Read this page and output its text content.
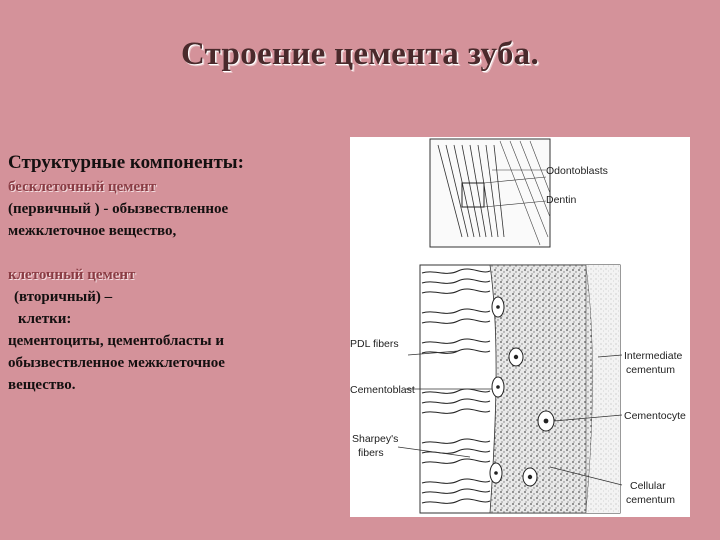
Строение цемента зуба.

Структурные компоненты:

бесклеточный цемент

(первичный ) - обызвествленное

межклеточное вещество,

клеточный цемент

(вторичный) –

клетки:

цементоциты, цементобласты и

обызвествленное межклеточное

вещество.

Odontoblasts
Dentin
PDL fibers
Cementoblast
Sharpey's
fibers
Intermediate
cementum
Cementocyte
Cellular
cementum
